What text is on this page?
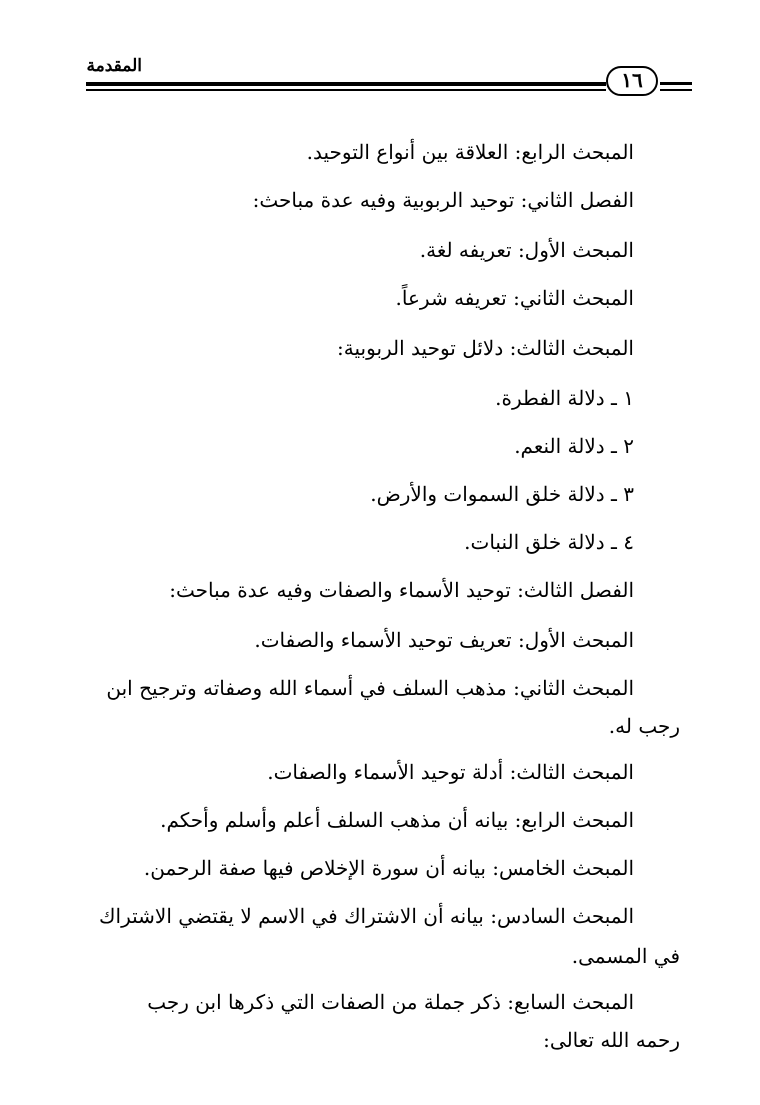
المقدمة
١٦
المبحث الرابع: العلاقة بين أنواع التوحيد.
الفصل الثاني: توحيد الربوبية وفيه عدة مباحث:
المبحث الأول: تعريفه لغة.
المبحث الثاني: تعريفه شرعاً.
المبحث الثالث: دلائل توحيد الربوبية:
١ ـ دلالة الفطرة.
٢ ـ دلالة النعم.
٣ ـ دلالة خلق السموات والأرض.
٤ ـ دلالة خلق النبات.
الفصل الثالث: توحيد الأسماء والصفات وفيه عدة مباحث:
المبحث الأول: تعريف توحيد الأسماء والصفات.
المبحث الثاني: مذهب السلف في أسماء الله وصفاته وترجيح ابن
رجب له.
المبحث الثالث: أدلة توحيد الأسماء والصفات.
المبحث الرابع: بيانه أن مذهب السلف أعلم وأسلم وأحكم.
المبحث الخامس: بيانه أن سورة الإخلاص فيها صفة الرحمن.
المبحث السادس: بيانه أن الاشتراك في الاسم لا يقتضي الاشتراك
في المسمى.
المبحث السابع: ذكر جملة من الصفات التي ذكرها ابن رجب
رحمه الله تعالى:
